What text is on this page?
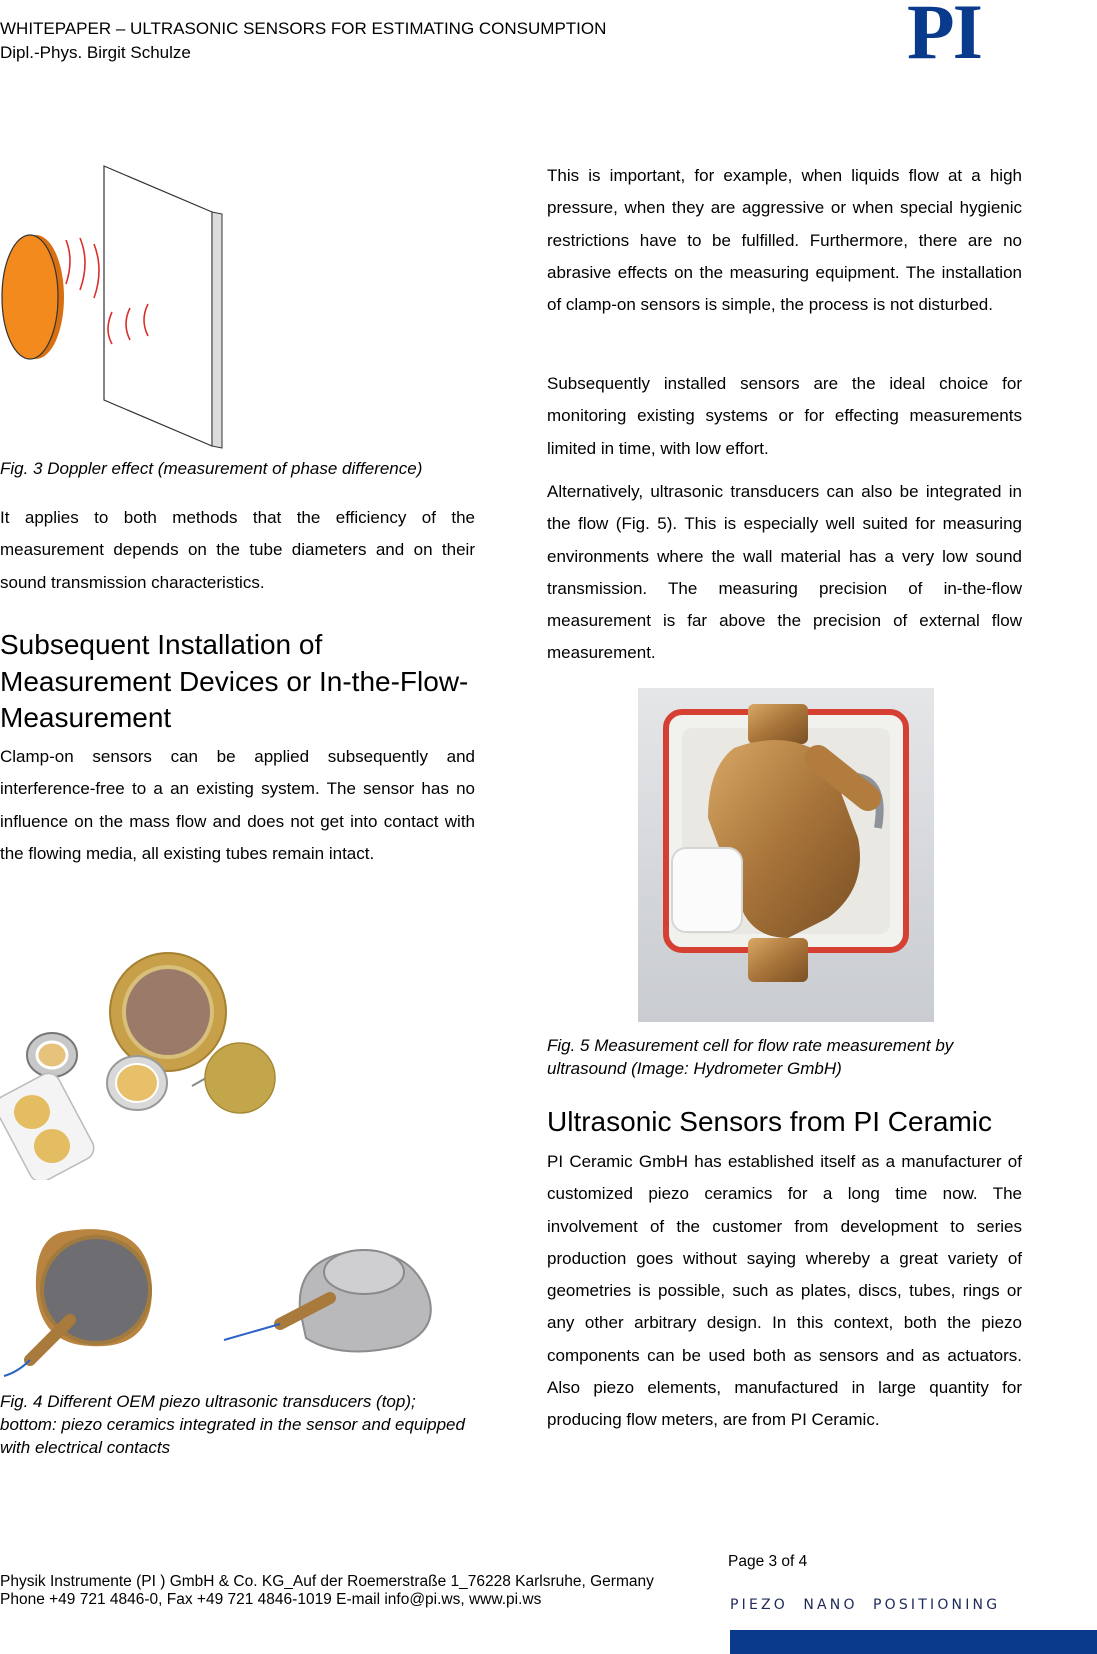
WHITEPAPER – ULTRASONIC SENSORS FOR ESTIMATING CONSUMPTION
Dipl.-Phys. Birgit Schulze	PI

Fig. 3 Doppler effect (measurement of phase difference)

It applies to both methods that the efficiency of the measurement depends on the tube diameters and on their sound transmission characteristics.

Subsequent Installation of Measurement Devices or In-the-Flow-Measurement

Clamp-on sensors can be applied subsequently and interference-free to a an existing system. The sensor has no influence on the mass flow and does not get into contact with the flowing media, all existing tubes remain intact.

Fig. 4 Different OEM piezo ultrasonic transducers (top); bottom: piezo ceramics integrated in the sensor and equipped with electrical contacts

This is important, for example, when liquids flow at a high pressure, when they are aggressive or when special hygienic restrictions have to be fulfilled. Furthermore, there are no abrasive effects on the measuring equipment. The installation of clamp-on sensors is simple, the process is not disturbed.

Subsequently installed sensors are the ideal choice for monitoring existing systems or for effecting measurements limited in time, with low effort.

Alternatively, ultrasonic transducers can also be integrated in the flow (Fig. 5). This is especially well suited for measuring environments where the wall material has a very low sound transmission. The measuring precision of in-the-flow measurement is far above the precision of external flow measurement.

Fig. 5 Measurement cell for flow rate measurement by ultrasound (Image: Hydrometer GmbH)

Ultrasonic Sensors from PI Ceramic

PI Ceramic GmbH has established itself as a manufacturer of customized piezo ceramics for a long time now. The involvement of the customer from development to series production goes without saying whereby a great variety of geometries is possible, such as plates, discs, tubes, rings or any other arbitrary design. In this context, both the piezo components can be used both as sensors and as actuators. Also piezo elements, manufactured in large quantity for producing flow meters, are from PI Ceramic.

Page 3 of 4
Physik Instrumente (PI ) GmbH & Co. KG_Auf der Roemerstraße 1_76228 Karlsruhe, Germany
Phone +49 721 4846-0, Fax +49 721 4846-1019 E-mail info@pi.ws, www.pi.ws	PIEZO  NANO  POSITIONING
